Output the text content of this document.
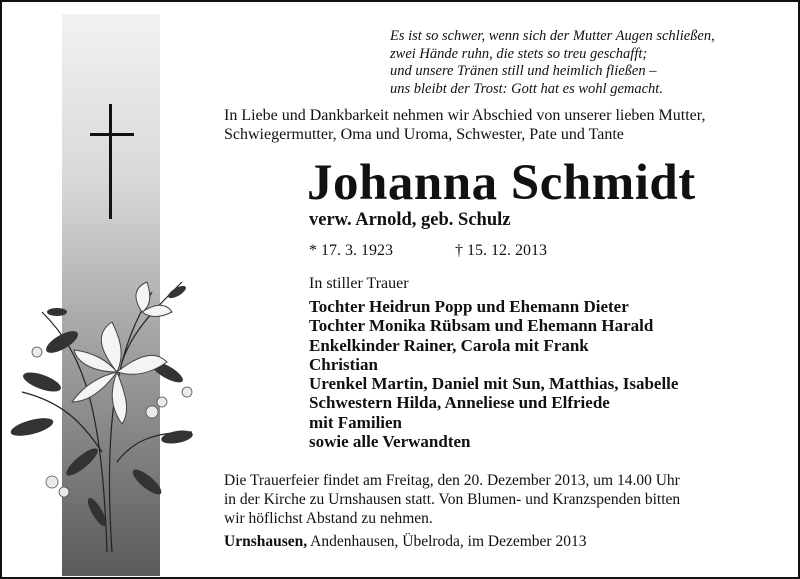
Es ist so schwer, wenn sich der Mutter Augen schließen,
zwei Hände ruhn, die stets so treu geschafft;
und unsere Tränen still und heimlich fließen –
uns bleibt der Trost: Gott hat es wohl gemacht.
In Liebe und Dankbarkeit nehmen wir Abschied von unserer lieben Mutter,
Schwiegermutter, Oma und Uroma, Schwester, Pate und Tante
Johanna Schmidt
verw. Arnold, geb. Schulz
* 17. 3. 1923	† 15. 12. 2013
In stiller Trauer
Tochter Heidrun Popp und Ehemann Dieter
Tochter Monika Rübsam und Ehemann Harald
Enkelkinder Rainer, Carola mit Frank
Christian
Urenkel Martin, Daniel mit Sun, Matthias, Isabelle
Schwestern Hilda, Anneliese und Elfriede
mit Familien
sowie alle Verwandten
Die Trauerfeier findet am Freitag, den 20. Dezember 2013, um 14.00 Uhr
in der Kirche zu Urnshausen statt. Von Blumen- und Kranzspenden bitten
wir höflichst Abstand zu nehmen.
Urnshausen, Andenhausen, Übelroda, im Dezember 2013
